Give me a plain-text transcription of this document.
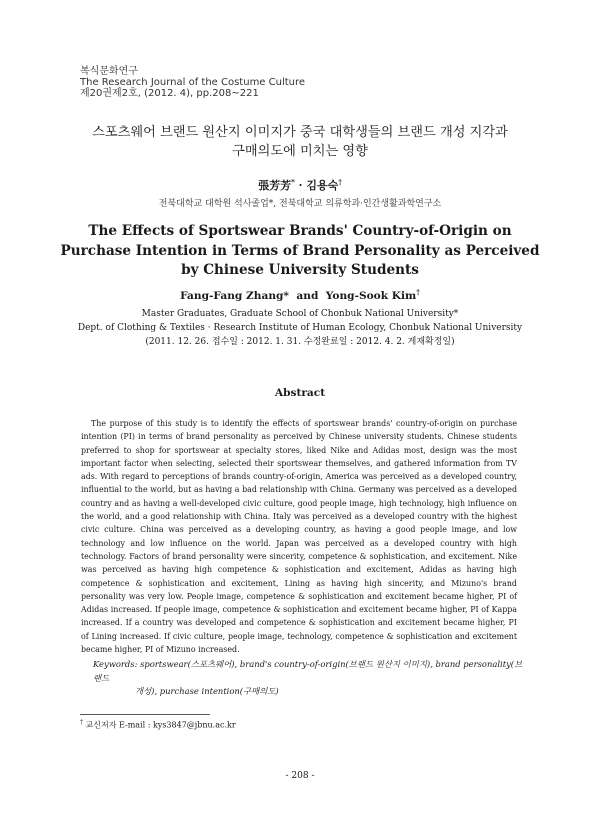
복식문화연구
The Research Journal of the Costume Culture
제20권제2호, (2012. 4), pp.208~221
스포츠웨어 브랜드 원산지 이미지가 중국 대학생들의 브랜드 개성 지각과
구매의도에 미치는 영향
張芳芳* · 김용숙†
전북대학교 대학원 석사졸업*, 전북대학교 의류학과·인간생활과학연구소
The Effects of Sportswear Brands' Country-of-Origin on
Purchase Intention in Terms of Brand Personality as Perceived
by Chinese University Students
Fang-Fang Zhang* and Yong-Sook Kim†
Master Graduates, Graduate School of Chonbuk National University*
Dept. of Clothing & Textiles · Research Institute of Human Ecology, Chonbuk National University
(2011. 12. 26. 접수일 : 2012. 1. 31. 수정완료일 : 2012. 4. 2. 게재확정일)
Abstract
The purpose of this study is to identify the effects of sportswear brands' country-of-origin on purchase intention (PI) in terms of brand personality as perceived by Chinese university students. Chinese students preferred to shop for sportswear at specialty stores, liked Nike and Adidas most, design was the most important factor when selecting, selected their sportswear themselves, and gathered information from TV ads. With regard to perceptions of brands country-of-origin, America was perceived as a developed country, influential to the world, but as having a bad relationship with China. Germany was perceived as a developed country and as having a well-developed civic culture, good people image, high technology, high influence on the world, and a good relationship with China. Italy was perceived as a developed country with the highest civic culture. China was perceived as a developing country, as having a good people image, and low technology and low influence on the world. Japan was perceived as a developed country with high technology. Factors of brand personality were sincerity, competence & sophistication, and excitement. Nike was perceived as having high competence & sophistication and excitement, Adidas as having high competence & sophistication and excitement, Lining as having high sincerity, and Mizuno's brand personality was very low. People image, competence & sophistication and excitement became higher, PI of Adidas increased. If people image, competence & sophistication and excitement became higher, PI of Kappa increased. If a country was developed and competence & sophistication and excitement became higher, PI of Lining increased. If civic culture, people image, technology, competence & sophistication and excitement became higher, PI of Mizuno increased.
Keywords: sportswear(스포츠웨어), brand's country-of-origin(브랜드 원산지 이미지), brand personality(브랜드
개성), purchase intention(구매의도)
† 교신저자 E-mail : kys3847@jbnu.ac.kr
- 208 -
